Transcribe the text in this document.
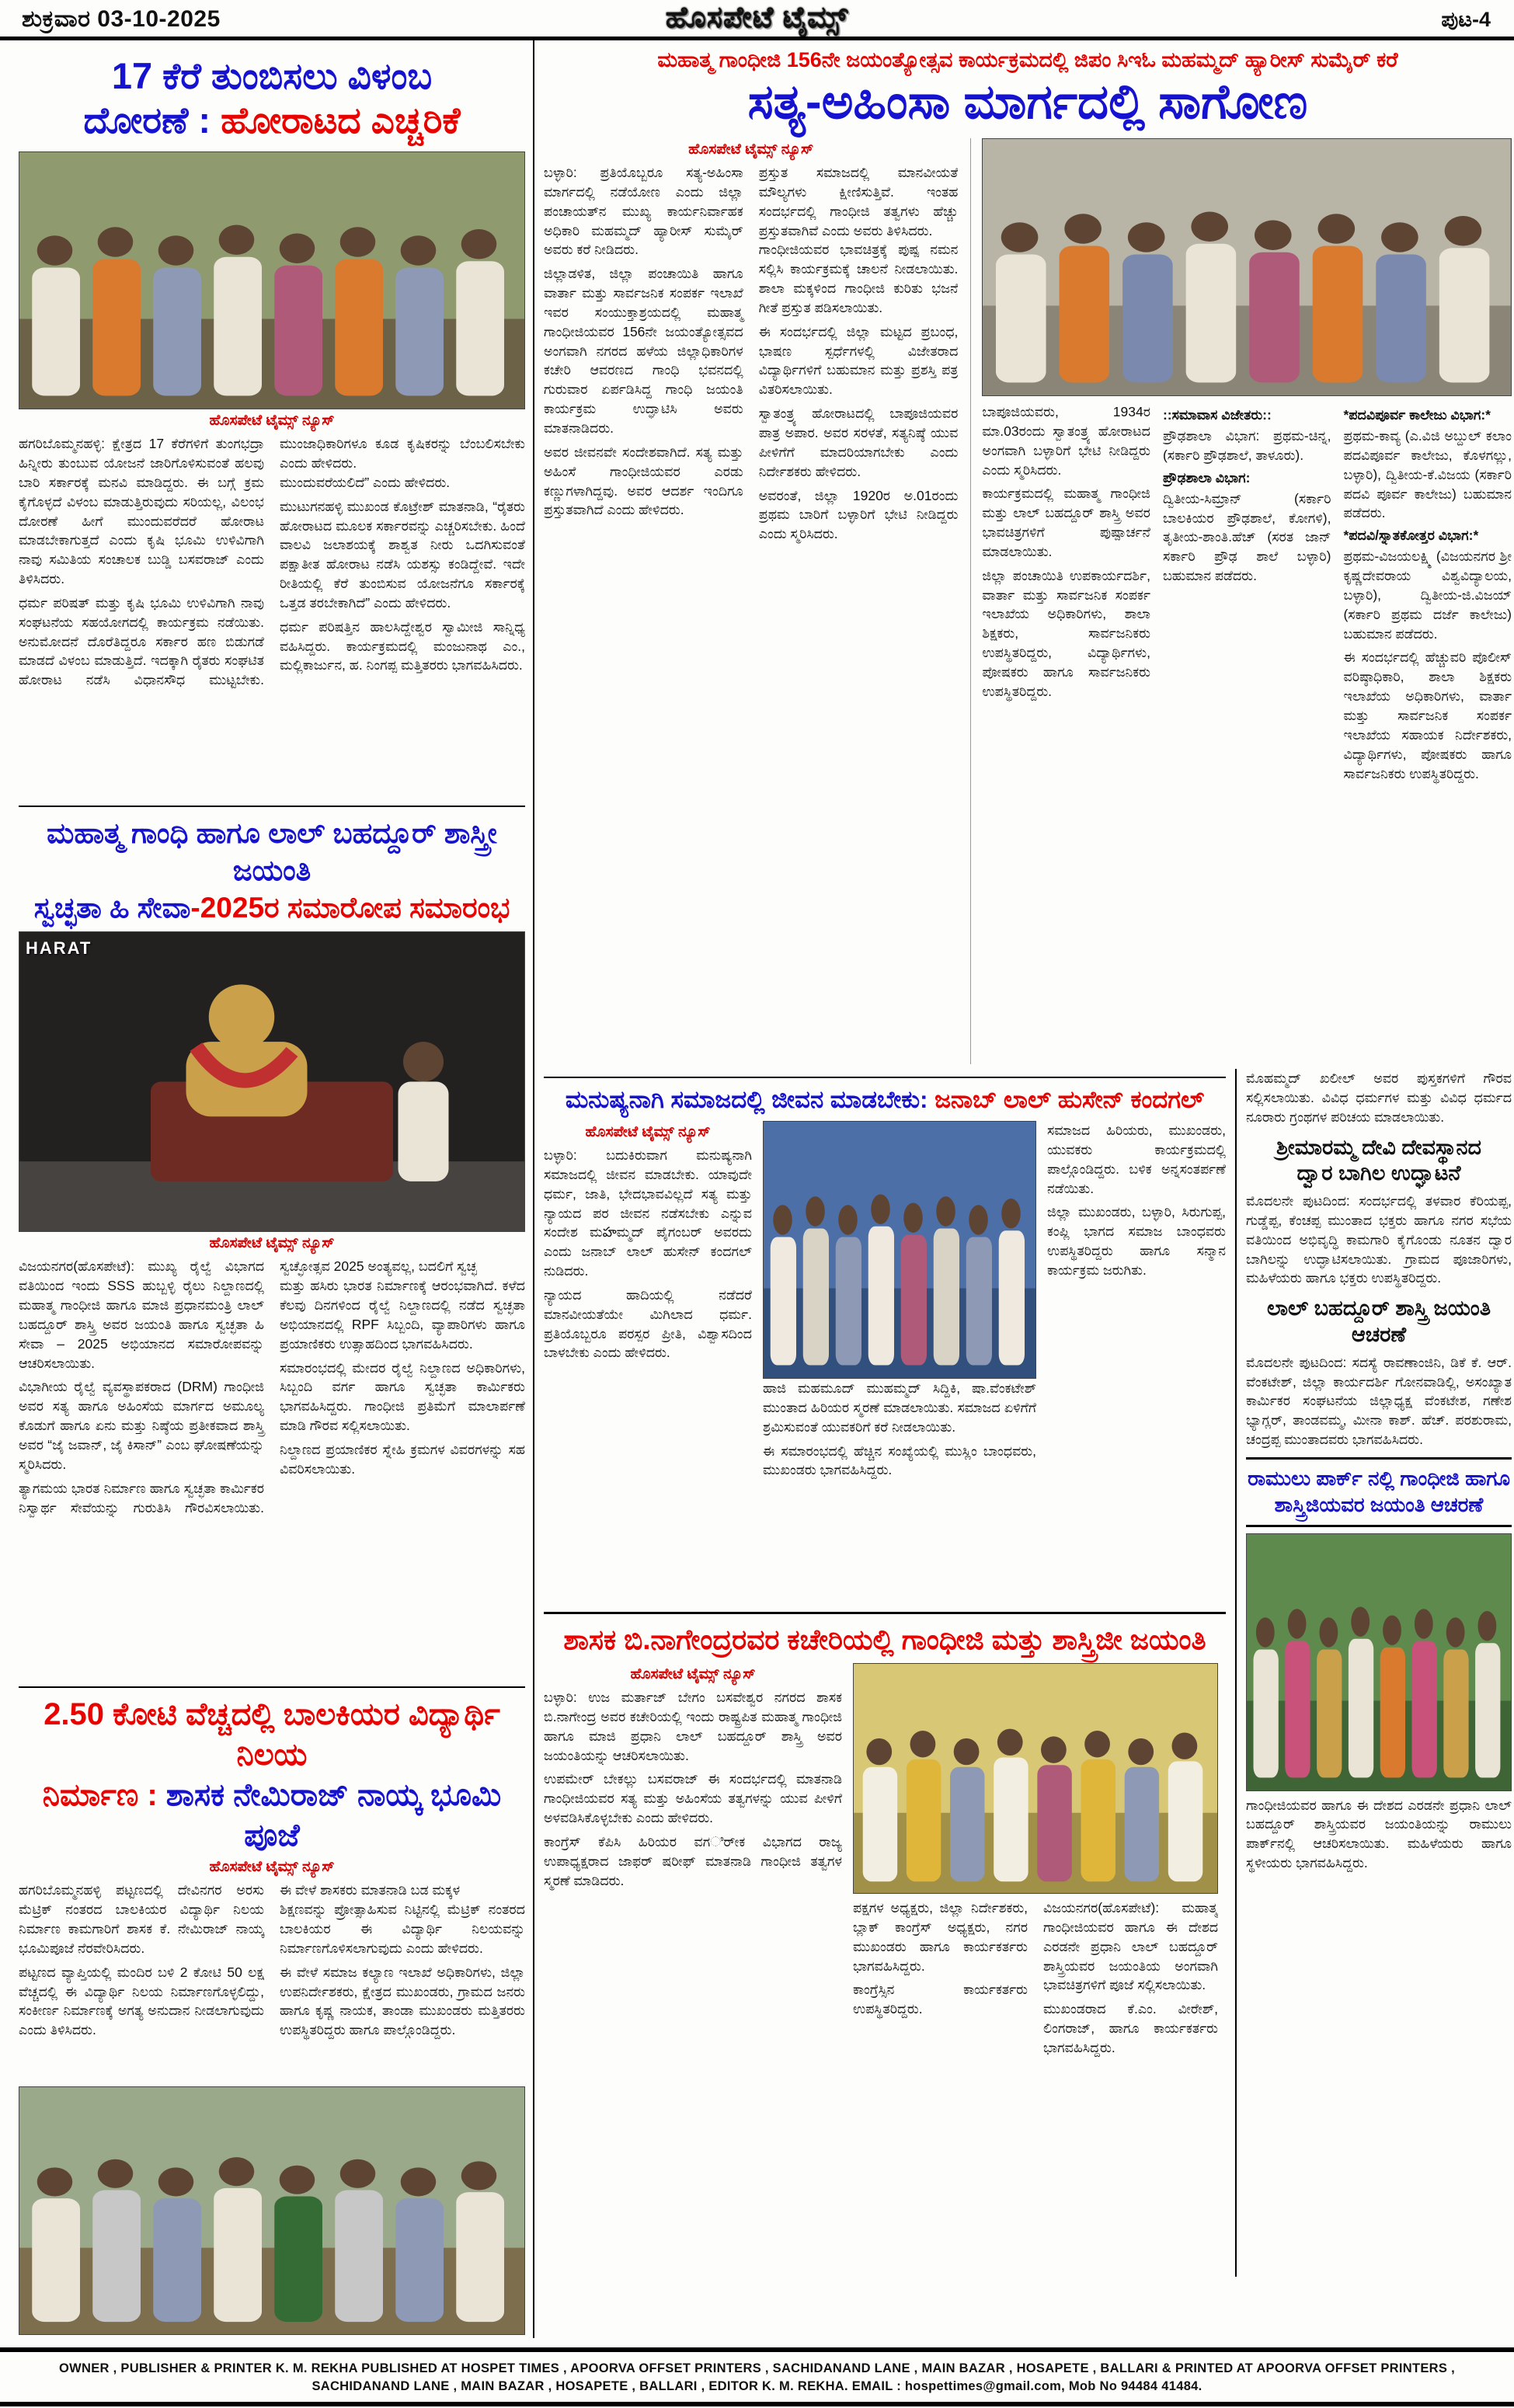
ಶುಕ್ರವಾರ 03-10-2025	ಹೊಸಪೇಟೆ ಟೈಮ್ಸ್	ಪುಟ-4
17 ಕೆರೆ ತುಂಬಿಸಲು ವಿಳಂಬ
ದೋರಣೆ : ಹೋರಾಟದ ಎಚ್ಚರಿಕೆ
ಹೊಸಪೇಟೆ ಟೈಮ್ಸ್ ನ್ಯೂಸ್

ಹಗರಿಬೊಮ್ಮನಹಳ್ಳಿ: ಕ್ಷೇತ್ರದ 17 ಕೆರೆಗಳಿಗೆ ತುಂಗಭದ್ರಾ ಹಿನ್ನೀರು ತುಂಬುವ ಯೋಜನೆ ಜಾರಿಗೊಳಿಸುವಂತೆ ಹಲವು ಬಾರಿ ಸರ್ಕಾರಕ್ಕೆ ಮನವಿ ಮಾಡಿದ್ದರು. ಈ ಬಗ್ಗೆ ಕ್ರಮ ಕೈಗೊಳ್ಳದೆ ವಿಳಂಬ ಮಾಡುತ್ತಿರುವುದು ಸರಿಯಲ್ಲ, ವಿಲಂಭ ದೋರಣೆ ಹೀಗೆ ಮುಂದುವರೆದರೆ ಹೋರಾಟ ಮಾಡಬೇಕಾಗುತ್ತದೆ ಎಂದು ಕೃಷಿ ಭೂಮಿ ಉಳಿವಿಗಾಗಿ ನಾವು ಸಮಿತಿಯ ಸಂಚಾಲಕ ಬುಡ್ಡಿ ಬಸವರಾಜ್ ಎಂದು ತಿಳಿಸಿದರು.

ಧರ್ಮ ಪರಿಷತ್ ಮತ್ತು ಕೃಷಿ ಭೂಮಿ ಉಳಿವಿಗಾಗಿ ನಾವು ಸಂಘಟನೆಯ ಸಹಯೋಗದಲ್ಲಿ ಕಾರ್ಯಕ್ರಮ ನಡೆಯಿತು. ಅನುಮೋದನೆ ದೊರೆತಿದ್ದರೂ ಸರ್ಕಾರ ಹಣ ಬಿಡುಗಡೆ ಮಾಡದೆ ವಿಳಂಬ ಮಾಡುತ್ತಿದೆ. ಇದಕ್ಕಾಗಿ ರೈತರು ಸಂಘಟಿತ ಹೋರಾಟ ನಡೆಸಿ ವಿಧಾನಸೌಧ ಮುಟ್ಟಬೇಕು. ಮುಂಜಾಧಿಕಾರಿಗಳೂ ಕೂಡ ಕೃಷಿಕರನ್ನು ಬೆಂಬಲಿಸಬೇಕು ಎಂದು ಹೇಳಿದರು.

ಮುಂದುವರೆಯಲಿದೆ” ಎಂದು ಹೇಳಿದರು.

ಮುಟುಗನಹಳ್ಳಿ ಮುಖಂಡ ಕೊಟ್ರೇಶ್ ಮಾತನಾಡಿ, “ರೈತರು ಹೋರಾಟದ ಮೂಲಕ ಸರ್ಕಾರವನ್ನು ಎಚ್ಚರಿಸಬೇಕು. ಹಿಂದೆ ವಾಲವಿ ಜಲಾಶಯಕ್ಕೆ ಶಾಶ್ವತ ನೀರು ಒದಗಿಸುವಂತೆ ಪಕ್ಷಾತೀತ ಹೋರಾಟ ನಡೆಸಿ ಯಶಸ್ಸು ಕಂಡಿದ್ದೇವೆ. ಇದೇ ರೀತಿಯಲ್ಲಿ ಕೆರೆ ತುಂಬಿಸುವ ಯೋಜನೆಗೂ ಸರ್ಕಾರಕ್ಕೆ ಒತ್ತಡ ತರಬೇಕಾಗಿದೆ” ಎಂದು ಹೇಳಿದರು.

ಧರ್ಮ ಪರಿಷತ್ತಿನ ಹಾಲಸಿದ್ದೇಶ್ವರ ಸ್ವಾಮೀಜಿ ಸಾನ್ನಿಧ್ಯ ವಹಿಸಿದ್ದರು. ಕಾರ್ಯಕ್ರಮದಲ್ಲಿ ಮಂಜುನಾಥ ಎಂ., ಮಲ್ಲಿಕಾರ್ಜುನ, ಹ. ನಿಂಗಪ್ಪ ಮತ್ತಿತರರು ಭಾಗವಹಿಸಿದರು.

ಮಹಾತ್ಮ ಗಾಂಧಿ ಹಾಗೂ ಲಾಲ್ ಬಹದ್ದೂರ್ ಶಾಸ್ತ್ರೀ ಜಯಂತಿ
ಸ್ವಚ್ಛತಾ ಹಿ ಸೇವಾ-2025ರ ಸಮಾರೋಪ ಸಮಾರಂಭ
HARAT
ಹೊಸಪೇಟೆ ಟೈಮ್ಸ್ ನ್ಯೂಸ್

ವಿಜಯನಗರ(ಹೊಸಪೇಟೆ): ಮುಖ್ಯ ರೈಲ್ವೆ ವಿಭಾಗದ ವತಿಯಿಂದ ಇಂದು SSS ಹುಬ್ಬಳ್ಳಿ ರೈಲು ನಿಲ್ದಾಣದಲ್ಲಿ ಮಹಾತ್ಮ ಗಾಂಧೀಜಿ ಹಾಗೂ ಮಾಜಿ ಪ್ರಧಾನಮಂತ್ರಿ ಲಾಲ್ ಬಹದ್ದೂರ್ ಶಾಸ್ತ್ರಿ ಅವರ ಜಯಂತಿ ಹಾಗೂ ಸ್ವಚ್ಛತಾ ಹಿ ಸೇವಾ – 2025 ಅಭಿಯಾನದ ಸಮಾರೋಪವನ್ನು ಆಚರಿಸಲಾಯಿತು.

ವಿಭಾಗೀಯ ರೈಲ್ವೆ ವ್ಯವಸ್ಥಾಪಕರಾದ (DRM) ಗಾಂಧೀಜಿ ಅವರ ಸತ್ಯ ಹಾಗೂ ಅಹಿಂಸೆಯ ಮಾರ್ಗದ ಅಮೂಲ್ಯ ಕೊಡುಗೆ ಹಾಗೂ ಏನು ಮತ್ತು ನಿಷ್ಠೆಯ ಪ್ರತೀಕವಾದ ಶಾಸ್ತ್ರಿ ಅವರ “ಜೈ ಜವಾನ್, ಜೈ ಕಿಸಾನ್” ಎಂಬ ಘೋಷಣೆಯನ್ನು ಸ್ಮರಿಸಿದರು.

ತ್ಯಾಗಮಯ ಭಾರತ ನಿರ್ಮಾಣ ಹಾಗೂ ಸ್ವಚ್ಛತಾ ಕಾರ್ಮಿಕರ ನಿಸ್ವಾರ್ಥ ಸೇವೆಯನ್ನು ಗುರುತಿಸಿ ಗೌರವಿಸಲಾಯಿತು. ಸ್ವಚ್ಛೋತ್ಸವ 2025 ಅಂತ್ಯವಲ್ಲ, ಬದಲಿಗೆ ಸ್ವಚ್ಛ

ಮತ್ತು ಹಸಿರು ಭಾರತ ನಿರ್ಮಾಣಕ್ಕೆ ಆರಂಭವಾಗಿದೆ. ಕಳೆದ ಕೆಲವು ದಿನಗಳಿಂದ ರೈಲ್ವೆ ನಿಲ್ದಾಣದಲ್ಲಿ ನಡೆದ ಸ್ವಚ್ಛತಾ ಅಭಿಯಾನದಲ್ಲಿ RPF ಸಿಬ್ಬಂದಿ, ವ್ಯಾಪಾರಿಗಳು ಹಾಗೂ ಪ್ರಯಾಣಿಕರು ಉತ್ಸಾಹದಿಂದ ಭಾಗವಹಿಸಿದರು.

ಸಮಾರಂಭದಲ್ಲಿ ಮೇದರ ರೈಲ್ವೆ ನಿಲ್ದಾಣದ ಅಧಿಕಾರಿಗಳು, ಸಿಬ್ಬಂದಿ ವರ್ಗ ಹಾಗೂ ಸ್ವಚ್ಛತಾ ಕಾರ್ಮಿಕರು ಭಾಗವಹಿಸಿದ್ದರು. ಗಾಂಧೀಜಿ ಪ್ರತಿಮೆಗೆ ಮಾಲಾರ್ಪಣೆ ಮಾಡಿ ಗೌರವ ಸಲ್ಲಿಸಲಾಯಿತು.

ನಿಲ್ದಾಣದ ಪ್ರಯಾಣಿಕರ ಸ್ನೇಹಿ ಕ್ರಮಗಳ ವಿವರಗಳನ್ನು ಸಹ ವಿವರಿಸಲಾಯಿತು.

2.50 ಕೋಟಿ ವೆಚ್ಚದಲ್ಲಿ ಬಾಲಕಿಯರ ವಿದ್ಯಾರ್ಥಿ ನಿಲಯ
ನಿರ್ಮಾಣ : ಶಾಸಕ ನೇಮಿರಾಜ್ ನಾಯ್ಕ ಭೂಮಿ ಪೂಜೆ
ಹೊಸಪೇಟೆ ಟೈಮ್ಸ್ ನ್ಯೂಸ್

ಹಗರಿಬೊಮ್ಮನಹಳ್ಳಿ ಪಟ್ಟಣದಲ್ಲಿ ದೇವಿನಗರ ಅರಸು ಮೆಟ್ರಿಕ್ ನಂತರದ ಬಾಲಕಿಯರ ವಿದ್ಯಾರ್ಥಿ ನಿಲಯ ನಿರ್ಮಾಣ ಕಾಮಗಾರಿಗೆ ಶಾಸಕ ಕೆ. ನೇಮಿರಾಜ್ ನಾಯ್ಕ ಭೂಮಿಪೂಜೆ ನೆರವೇರಿಸಿದರು.

ಪಟ್ಟಣದ ವ್ಯಾಪ್ತಿಯಲ್ಲಿ ಮಂದಿರ ಬಳಿ 2 ಕೋಟಿ 50 ಲಕ್ಷ ವೆಚ್ಚದಲ್ಲಿ ಈ ವಿದ್ಯಾರ್ಥಿ ನಿಲಯ ನಿರ್ಮಾಣಗೊಳ್ಳಲಿದ್ದು, ಸಂಕೀರ್ಣ ನಿರ್ಮಾಣಕ್ಕೆ ಅಗತ್ಯ ಅನುದಾನ ನೀಡಲಾಗುವುದು ಎಂದು ತಿಳಿಸಿದರು.

ಈ ವೇಳೆ ಶಾಸಕರು ಮಾತನಾಡಿ ಬಡ ಮಕ್ಕಳ

ಶಿಕ್ಷಣವನ್ನು ಪ್ರೋತ್ಸಾಹಿಸುವ ನಿಟ್ಟಿನಲ್ಲಿ ಮೆಟ್ರಿಕ್ ನಂತರದ ಬಾಲಕಿಯರ ಈ ವಿದ್ಯಾರ್ಥಿ ನಿಲಯವನ್ನು ನಿರ್ಮಾಣಗೊಳಿಸಲಾಗುವುದು ಎಂದು ಹೇಳಿದರು.

ಈ ವೇಳೆ ಸಮಾಜ ಕಲ್ಯಾಣ ಇಲಾಖೆ ಅಧಿಕಾರಿಗಳು, ಜಿಲ್ಲಾ ಉಪನಿರ್ದೇಶಕರು, ಕ್ಷೇತ್ರದ ಮುಖಂಡರು, ಗ್ರಾಮದ ಜನರು ಹಾಗೂ ಕೃಷ್ಣ ನಾಯಕ, ತಾಂಡಾ ಮುಖಂಡರು ಮತ್ತಿತರರು ಉಪಸ್ಥಿತರಿದ್ದರು ಹಾಗೂ ಪಾಲ್ಗೊಂಡಿದ್ದರು.

ಮಹಾತ್ಮ ಗಾಂಧೀಜಿ 156ನೇ ಜಯಂತ್ಯೋತ್ಸವ ಕಾರ್ಯಕ್ರಮದಲ್ಲಿ ಜಿಪಂ ಸಿಇಓ ಮಹಮ್ಮದ್ ಹ್ಯಾರೀಸ್ ಸುಮೈರ್ ಕರೆ
ಸತ್ಯ-ಅಹಿಂಸಾ ಮಾರ್ಗದಲ್ಲಿ ಸಾಗೋಣ
ಹೊಸಪೇಟೆ ಟೈಮ್ಸ್ ನ್ಯೂಸ್

ಬಳ್ಳಾರಿ: ಪ್ರತಿಯೊಬ್ಬರೂ ಸತ್ಯ-ಅಹಿಂಸಾ ಮಾರ್ಗದಲ್ಲಿ ನಡೆಯೋಣ ಎಂದು ಜಿಲ್ಲಾ ಪಂಚಾಯತ್‌ನ ಮುಖ್ಯ ಕಾರ್ಯನಿರ್ವಾಹಕ ಅಧಿಕಾರಿ ಮಹಮ್ಮದ್ ಹ್ಯಾರೀಸ್ ಸುಮೈರ್ ಅವರು ಕರೆ ನೀಡಿದರು.

ಜಿಲ್ಲಾಡಳಿತ, ಜಿಲ್ಲಾ ಪಂಚಾಯಿತಿ ಹಾಗೂ ವಾರ್ತಾ ಮತ್ತು ಸಾರ್ವಜನಿಕ ಸಂಪರ್ಕ ಇಲಾಖೆ ಇವರ ಸಂಯುಕ್ತಾಶ್ರಯದಲ್ಲಿ ಮಹಾತ್ಮ ಗಾಂಧೀಜಿಯವರ 156ನೇ ಜಯಂತ್ಯೋತ್ಸವದ ಅಂಗವಾಗಿ ನಗರದ ಹಳೆಯ ಜಿಲ್ಲಾಧಿಕಾರಿಗಳ ಕಚೇರಿ ಆವರಣದ ಗಾಂಧಿ ಭವನದಲ್ಲಿ ಗುರುವಾರ ಏರ್ಪಡಿಸಿದ್ದ ಗಾಂಧಿ ಜಯಂತಿ ಕಾರ್ಯಕ್ರಮ ಉದ್ಘಾಟಿಸಿ ಅವರು ಮಾತನಾಡಿದರು.

ಅವರ ಜೀವನವೇ ಸಂದೇಶವಾಗಿದೆ. ಸತ್ಯ ಮತ್ತು ಅಹಿಂಸೆ ಗಾಂಧೀಜಿಯವರ ಎರಡು ಕಣ್ಣುಗಳಾಗಿದ್ದವು. ಅವರ ಆದರ್ಶ ಇಂದಿಗೂ ಪ್ರಸ್ತುತವಾಗಿದೆ ಎಂದು ಹೇಳಿದರು.

ಪ್ರಸ್ತುತ ಸಮಾಜದಲ್ಲಿ ಮಾನವೀಯತೆ ಮೌಲ್ಯಗಳು ಕ್ಷೀಣಿಸುತ್ತಿವೆ. ಇಂತಹ ಸಂದರ್ಭದಲ್ಲಿ ಗಾಂಧೀಜಿ ತತ್ವಗಳು ಹೆಚ್ಚು ಪ್ರಸ್ತುತವಾಗಿವೆ ಎಂದು ಅವರು ತಿಳಿಸಿದರು.

ಗಾಂಧೀಜಿಯವರ ಭಾವಚಿತ್ರಕ್ಕೆ ಪುಷ್ಪ ನಮನ ಸಲ್ಲಿಸಿ ಕಾರ್ಯಕ್ರಮಕ್ಕೆ ಚಾಲನೆ ನೀಡಲಾಯಿತು. ಶಾಲಾ ಮಕ್ಕಳಿಂದ ಗಾಂಧೀಜಿ ಕುರಿತು ಭಜನೆ ಗೀತೆ ಪ್ರಸ್ತುತ ಪಡಿಸಲಾಯಿತು.

ಈ ಸಂದರ್ಭದಲ್ಲಿ ಜಿಲ್ಲಾ ಮಟ್ಟದ ಪ್ರಬಂಧ, ಭಾಷಣ ಸ್ಪರ್ಧೆಗಳಲ್ಲಿ ವಿಜೇತರಾದ ವಿದ್ಯಾರ್ಥಿಗಳಿಗೆ ಬಹುಮಾನ ಮತ್ತು ಪ್ರಶಸ್ತಿ ಪತ್ರ ವಿತರಿಸಲಾಯಿತು.

ಸ್ವಾತಂತ್ರ್ಯ ಹೋರಾಟದಲ್ಲಿ ಬಾಪೂಜಿಯವರ ಪಾತ್ರ ಅಪಾರ. ಅವರ ಸರಳತೆ, ಸತ್ಯನಿಷ್ಠೆ ಯುವ ಪೀಳಿಗೆಗೆ ಮಾದರಿಯಾಗಬೇಕು ಎಂದು ನಿರ್ದೇಶಕರು ಹೇಳಿದರು.

ಅವರಂತೆ, ಜಿಲ್ಲಾ 1920ರ ಅ.01ರಂದು ಪ್ರಥಮ ಬಾರಿಗೆ ಬಳ್ಳಾರಿಗೆ ಭೇಟಿ ನೀಡಿದ್ದರು ಎಂದು ಸ್ಮರಿಸಿದರು.

ಬಾಪೂಜಿಯವರು, 1934ರ ಮಾ.03ರಂದು ಸ್ವಾತಂತ್ರ್ಯ ಹೋರಾಟದ ಅಂಗವಾಗಿ ಬಳ್ಳಾರಿಗೆ ಭೇಟಿ ನೀಡಿದ್ದರು ಎಂದು ಸ್ಮರಿಸಿದರು.

ಕಾರ್ಯಕ್ರಮದಲ್ಲಿ ಮಹಾತ್ಮ ಗಾಂಧೀಜಿ ಮತ್ತು ಲಾಲ್ ಬಹದ್ದೂರ್ ಶಾಸ್ತ್ರಿ ಅವರ ಭಾವಚಿತ್ರಗಳಿಗೆ ಪುಷ್ಪಾರ್ಚನೆ ಮಾಡಲಾಯಿತು.

ಜಿಲ್ಲಾ ಪಂಚಾಯಿತಿ ಉಪಕಾರ್ಯದರ್ಶಿ, ವಾರ್ತಾ ಮತ್ತು ಸಾರ್ವಜನಿಕ ಸಂಪರ್ಕ ಇಲಾಖೆಯ ಅಧಿಕಾರಿಗಳು, ಶಾಲಾ ಶಿಕ್ಷಕರು, ಸಾರ್ವಜನಿಕರು ಉಪಸ್ಥಿತರಿದ್ದರು, ವಿದ್ಯಾರ್ಥಿಗಳು, ಪೋಷಕರು ಹಾಗೂ ಸಾರ್ವಜನಿಕರು ಉಪಸ್ಥಿತರಿದ್ದರು.

::ಸಮಾವಾಸ ವಿಜೇತರು::

ಪ್ರೌಢಶಾಲಾ ವಿಭಾಗ: ಪ್ರಥಮ-ಚಿನ್ನ, (ಸರ್ಕಾರಿ ಪ್ರೌಢಶಾಲೆ, ತಾಳೂರು).

ಪ್ರೌಢಶಾಲಾ ವಿಭಾಗ:

ದ್ವಿತೀಯ-ಸಿಮ್ರಾನ್ (ಸರ್ಕಾರಿ ಬಾಲಕಿಯರ ಪ್ರೌಢಶಾಲೆ, ಕೋಗಳಿ), ತೃತೀಯ-ಶಾಂತಿ.ಹೆಚ್ (ಸರತ ಜಾನ್ ಸರ್ಕಾರಿ ಪ್ರೌಢ ಶಾಲೆ ಬಳ್ಳಾರಿ) ಬಹುಮಾನ ಪಡೆದರು.

*ಪದವಿಪೂರ್ವ ಕಾಲೇಜು ವಿಭಾಗ:*

ಪ್ರಥಮ-ಕಾವ್ಯ (ಎ.ವಿಜಿ ಅಬ್ದುಲ್ ಕಲಾಂ ಪದವಿಪೂರ್ವ ಕಾಲೇಜು, ಕೊಳಗಲ್ಲು, ಬಳ್ಳಾರಿ), ದ್ವಿತೀಯ-ಕೆ.ವಿಜಯ (ಸರ್ಕಾರಿ ಪದವಿ ಪೂರ್ವ ಕಾಲೇಜು) ಬಹುಮಾನ ಪಡೆದರು.

*ಪದವಿ/ಸ್ನಾತಕೋತ್ತರ ವಿಭಾಗ:*

ಪ್ರಥಮ-ವಿಜಯಲಕ್ಷ್ಮಿ (ವಿಜಯನಗರ ಶ್ರೀ ಕೃಷ್ಣದೇವರಾಯ ವಿಶ್ವವಿದ್ಯಾಲಯ, ಬಳ್ಳಾರಿ), ದ್ವಿತೀಯ-ಜಿ.ವಿಜಯ್ (ಸರ್ಕಾರಿ ಪ್ರಥಮ ದರ್ಜೆ ಕಾಲೇಜು) ಬಹುಮಾನ ಪಡೆದರು.

ಈ ಸಂದರ್ಭದಲ್ಲಿ ಹೆಚ್ಚುವರಿ ಪೊಲೀಸ್ ವರಿಷ್ಠಾಧಿಕಾರಿ, ಶಾಲಾ ಶಿಕ್ಷಕರು ಇಲಾಖೆಯ ಅಧಿಕಾರಿಗಳು, ವಾರ್ತಾ ಮತ್ತು ಸಾರ್ವಜನಿಕ ಸಂಪರ್ಕ ಇಲಾಖೆಯ ಸಹಾಯಕ ನಿರ್ದೇಶಕರು, ವಿದ್ಯಾರ್ಥಿಗಳು, ಪೋಷಕರು ಹಾಗೂ ಸಾರ್ವಜನಿಕರು ಉಪಸ್ಥಿತರಿದ್ದರು.

ಮನುಷ್ಯನಾಗಿ ಸಮಾಜದಲ್ಲಿ ಜೀವನ ಮಾಡಬೇಕು: ಜನಾಬ್ ಲಾಲ್ ಹುಸೇನ್ ಕಂದಗಲ್
ಹೊಸಪೇಟೆ ಟೈಮ್ಸ್ ನ್ಯೂಸ್

ಬಳ್ಳಾರಿ: ಬದುಕಿರುವಾಗ ಮನುಷ್ಯನಾಗಿ ಸಮಾಜದಲ್ಲಿ ಜೀವನ ಮಾಡಬೇಕು. ಯಾವುದೇ ಧರ್ಮ, ಜಾತಿ, ಭೇದಭಾವವಿಲ್ಲದೆ ಸತ್ಯ ಮತ್ತು ನ್ಯಾಯದ ಪರ ಜೀವನ ನಡೆಸಬೇಕು ಎನ್ನುವ ಸಂದೇಶ ಮహಮ್ಮದ್ ಪೈಗಂಬರ್ ಅವರದು ಎಂದು ಜನಾಬ್ ಲಾಲ್ ಹುಸೇನ್ ಕಂದಗಲ್ ನುಡಿದರು.

ನ್ಯಾಯದ ಹಾದಿಯಲ್ಲಿ ನಡೆದರೆ ಮಾನವೀಯತೆಯೇ ಮಿಗಿಲಾದ ಧರ್ಮ. ಪ್ರತಿಯೊಬ್ಬರೂ ಪರಸ್ಪರ ಪ್ರೀತಿ, ವಿಶ್ವಾಸದಿಂದ ಬಾಳಬೇಕು ಎಂದು ಹೇಳಿದರು.

ಹಾಜಿ ಮಹಮೂದ್ ಮುಹಮ್ಮದ್ ಸಿದ್ದಿಕಿ, ಷಾ.ವೆಂಕಟೇಶ್ ಮುಂತಾದ ಹಿರಿಯರ ಸ್ಮರಣೆ ಮಾಡಲಾಯಿತು. ಸಮಾಜದ ಏಳಿಗೆಗೆ ಶ್ರಮಿಸುವಂತೆ ಯುವಕರಿಗೆ ಕರೆ ನೀಡಲಾಯಿತು.

ಈ ಸಮಾರಂಭದಲ್ಲಿ ಹೆಚ್ಚಿನ ಸಂಖ್ಯೆಯಲ್ಲಿ ಮುಸ್ಲಿಂ ಬಾಂಧವರು, ಮುಖಂಡರು ಭಾಗವಹಿಸಿದ್ದರು.

ಸಮಾಜದ ಹಿರಿಯರು, ಮುಖಂಡರು, ಯುವಕರು ಕಾರ್ಯಕ್ರಮದಲ್ಲಿ ಪಾಲ್ಗೊಂಡಿದ್ದರು. ಬಳಿಕ ಅನ್ನಸಂತರ್ಪಣೆ ನಡೆಯಿತು.

ಜಿಲ್ಲಾ ಮುಖಂಡರು, ಬಳ್ಳಾರಿ, ಸಿರುಗುಪ್ಪ, ಕಂಪ್ಲಿ ಭಾಗದ ಸಮಾಜ ಬಾಂಧವರು ಉಪಸ್ಥಿತರಿದ್ದರು ಹಾಗೂ ಸನ್ಮಾನ ಕಾರ್ಯಕ್ರಮ ಜರುಗಿತು.

ಶಾಸಕ ಬಿ.ನಾಗೇಂದ್ರರವರ ಕಚೇರಿಯಲ್ಲಿ ಗಾಂಧೀಜಿ ಮತ್ತು ಶಾಸ್ತ್ರಿಜೀ ಜಯಂತಿ
ಹೊಸಪೇಟೆ ಟೈಮ್ಸ್ ನ್ಯೂಸ್

ಬಳ್ಳಾರಿ: ಉಜ ಮರ್ತಾಜ್ ಬೇಗಂ ಬಸವೇಶ್ವರ ನಗರದ ಶಾಸಕ ಬಿ.ನಾಗೇಂದ್ರ ಅವರ ಕಚೇರಿಯಲ್ಲಿ ಇಂದು ರಾಷ್ಟ್ರಪಿತ ಮಹಾತ್ಮ ಗಾಂಧೀಜಿ ಹಾಗೂ ಮಾಜಿ ಪ್ರಧಾನಿ ಲಾಲ್ ಬಹದ್ದೂರ್ ಶಾಸ್ತ್ರಿ ಅವರ ಜಯಂತಿಯನ್ನು ಆಚರಿಸಲಾಯಿತು.

ಉಪಮೇರ್ ಬೇಕಲ್ಲು ಬಸವರಾಜ್ ಈ ಸಂದರ್ಭದಲ್ಲಿ ಮಾತನಾಡಿ ಗಾಂಧೀಜಿಯವರ ಸತ್ಯ ಮತ್ತು ಅಹಿಂಸೆಯ ತತ್ವಗಳನ್ನು ಯುವ ಪೀಳಿಗೆ ಅಳವಡಿಸಿಕೊಳ್ಳಬೇಕು ಎಂದು ಹೇಳಿದರು.

ಕಾಂಗ್ರೆಸ್ ಕೆಪಿಸಿ ಹಿರಿಯರ ವಗರ್ೀಕ ವಿಭಾಗದ ರಾಜ್ಯ ಉಪಾಧ್ಯಕ್ಷರಾದ ಜಾಫರ್ ಷರೀಫ್ ಮಾತನಾಡಿ ಗಾಂಧೀಜಿ ತತ್ವಗಳ ಸ್ಮರಣೆ ಮಾಡಿದರು.

ಪಕ್ಷಗಳ ಅಧ್ಯಕ್ಷರು, ಜಿಲ್ಲಾ ನಿರ್ದೇಶಕರು, ಬ್ಲಾಕ್ ಕಾಂಗ್ರೆಸ್ ಅಧ್ಯಕ್ಷರು, ನಗರ ಮುಖಂಡರು ಹಾಗೂ ಕಾರ್ಯಕರ್ತರು ಭಾಗವಹಿಸಿದ್ದರು.

ಕಾಂಗ್ರೆಸ್ಸಿನ ಕಾರ್ಯಕರ್ತರು ಉಪಸ್ಥಿತರಿದ್ದರು.

ವಿಜಯನಗರ(ಹೊಸಪೇಟೆ): ಮಹಾತ್ಮ ಗಾಂಧೀಜಿಯವರ ಹಾಗೂ ಈ ದೇಶದ ಎರಡನೇ ಪ್ರಧಾನಿ ಲಾಲ್ ಬಹದ್ದೂರ್ ಶಾಸ್ತ್ರಿಯವರ ಜಯಂತಿಯ ಅಂಗವಾಗಿ ಭಾವಚಿತ್ರಗಳಿಗೆ ಪೂಜೆ ಸಲ್ಲಿಸಲಾಯಿತು.

ಮುಖಂಡರಾದ ಕೆ.ಎಂ. ವೀರೇಶ್, ಲಿಂಗರಾಜ್, ಹಾಗೂ ಕಾರ್ಯಕರ್ತರು ಭಾಗವಹಿಸಿದ್ದರು.

ಮೊಹಮ್ಮದ್ ಖಲೀಲ್ ಅವರ ಪುಸ್ತಕಗಳಿಗೆ ಗೌರವ ಸಲ್ಲಿಸಲಾಯಿತು. ವಿವಿಧ ಧರ್ಮಗಳ ಮತ್ತು ವಿವಿಧ ಧರ್ಮದ ನೂರಾರು ಗ್ರಂಥಗಳ ಪರಿಚಯ ಮಾಡಲಾಯಿತು.

ಶ್ರೀಮಾರಮ್ಮ ದೇವಿ ದೇವಸ್ಥಾನದ
ದ್ವಾರ ಬಾಗಿಲ ಉದ್ಘಾಟನೆ

ಮೊದಲನೇ ಪುಟದಿಂದ: ಸಂದರ್ಭದಲ್ಲಿ ತಳವಾರ ಕೆರಿಯಪ್ಪ, ಗುಡ್ಡೆಪ್ಪ, ಕೆಂಚಪ್ಪ ಮುಂತಾದ ಭಕ್ತರು ಹಾಗೂ ನಗರ ಸಭೆಯ ವತಿಯಿಂದ ಅಭಿವೃದ್ಧಿ ಕಾಮಗಾರಿ ಕೈಗೊಂಡು ನೂತನ ದ್ವಾರ ಬಾಗಿಲನ್ನು ಉದ್ಘಾಟಿಸಲಾಯಿತು. ಗ್ರಾಮದ ಪೂಜಾರಿಗಳು, ಮಹಿಳೆಯರು ಹಾಗೂ ಭಕ್ತರು ಉಪಸ್ಥಿತರಿದ್ದರು.

ಲಾಲ್ ಬಹದ್ದೂರ್ ಶಾಸ್ತ್ರಿ ಜಯಂತಿ ಆಚರಣೆ

ಮೊದಲನೇ ಪುಟದಿಂದ: ಸದಸ್ಯೆ ರಾವಣಾಂಜಿನಿ, ಡಿಕೆ ಕೆ. ಆರ್. ವೆಂಕಟೇಶ್, ಜಿಲ್ಲಾ ಕಾರ್ಯದರ್ಶಿ ಗೋನವಾಡಿಲ್ಲಿ, ಅಸಂಖ್ಯಾತ ಕಾರ್ಮಿಕರ ಸಂಘಟನೆಯ ಜಿಲ್ಲಾಧ್ಯಕ್ಷ ವೆಂಕಟೇಶ, ಗಣೇಶ ಭ್ಯಾಗ್ಲರ್, ತಾಂಡವಮ್ಮ, ಮೀನಾ ಕಾಶ್. ಹೆಚ್. ಪರಶುರಾಮ, ಚಂದ್ರಪ್ಪ ಮುಂತಾದವರು ಭಾಗವಹಿಸಿದರು.

ರಾಮುಲು ಪಾರ್ಕ್ ನಲ್ಲಿ ಗಾಂಧೀಜಿ ಹಾಗೂ ಶಾಸ್ತ್ರಿಜಿಯವರ ಜಯಂತಿ ಆಚರಣೆ

ಗಾಂಧೀಜಿಯವರ ಹಾಗೂ ಈ ದೇಶದ ಎರಡನೇ ಪ್ರಧಾನಿ ಲಾಲ್ ಬಹದ್ದೂರ್ ಶಾಸ್ತ್ರಿಯವರ ಜಯಂತಿಯನ್ನು ರಾಮುಲು ಪಾರ್ಕ್‌ನಲ್ಲಿ ಆಚರಿಸಲಾಯಿತು. ಮಹಿಳೆಯರು ಹಾಗೂ ಸ್ಥಳೀಯರು ಭಾಗವಹಿಸಿದ್ದರು.

OWNER , PUBLISHER & PRINTER K. M. REKHA PUBLISHED AT HOSPET TIMES , APOORVA OFFSET PRINTERS , SACHIDANAND LANE , MAIN BAZAR , HOSAPETE , BALLARI & PRINTED AT APOORVA OFFSET PRINTERS ,
SACHIDANAND LANE , MAIN BAZAR , HOSAPETE , BALLARI , EDITOR K. M. REKHA. EMAIL : hospettimes@gmail.com, Mob No 94484 41484.
